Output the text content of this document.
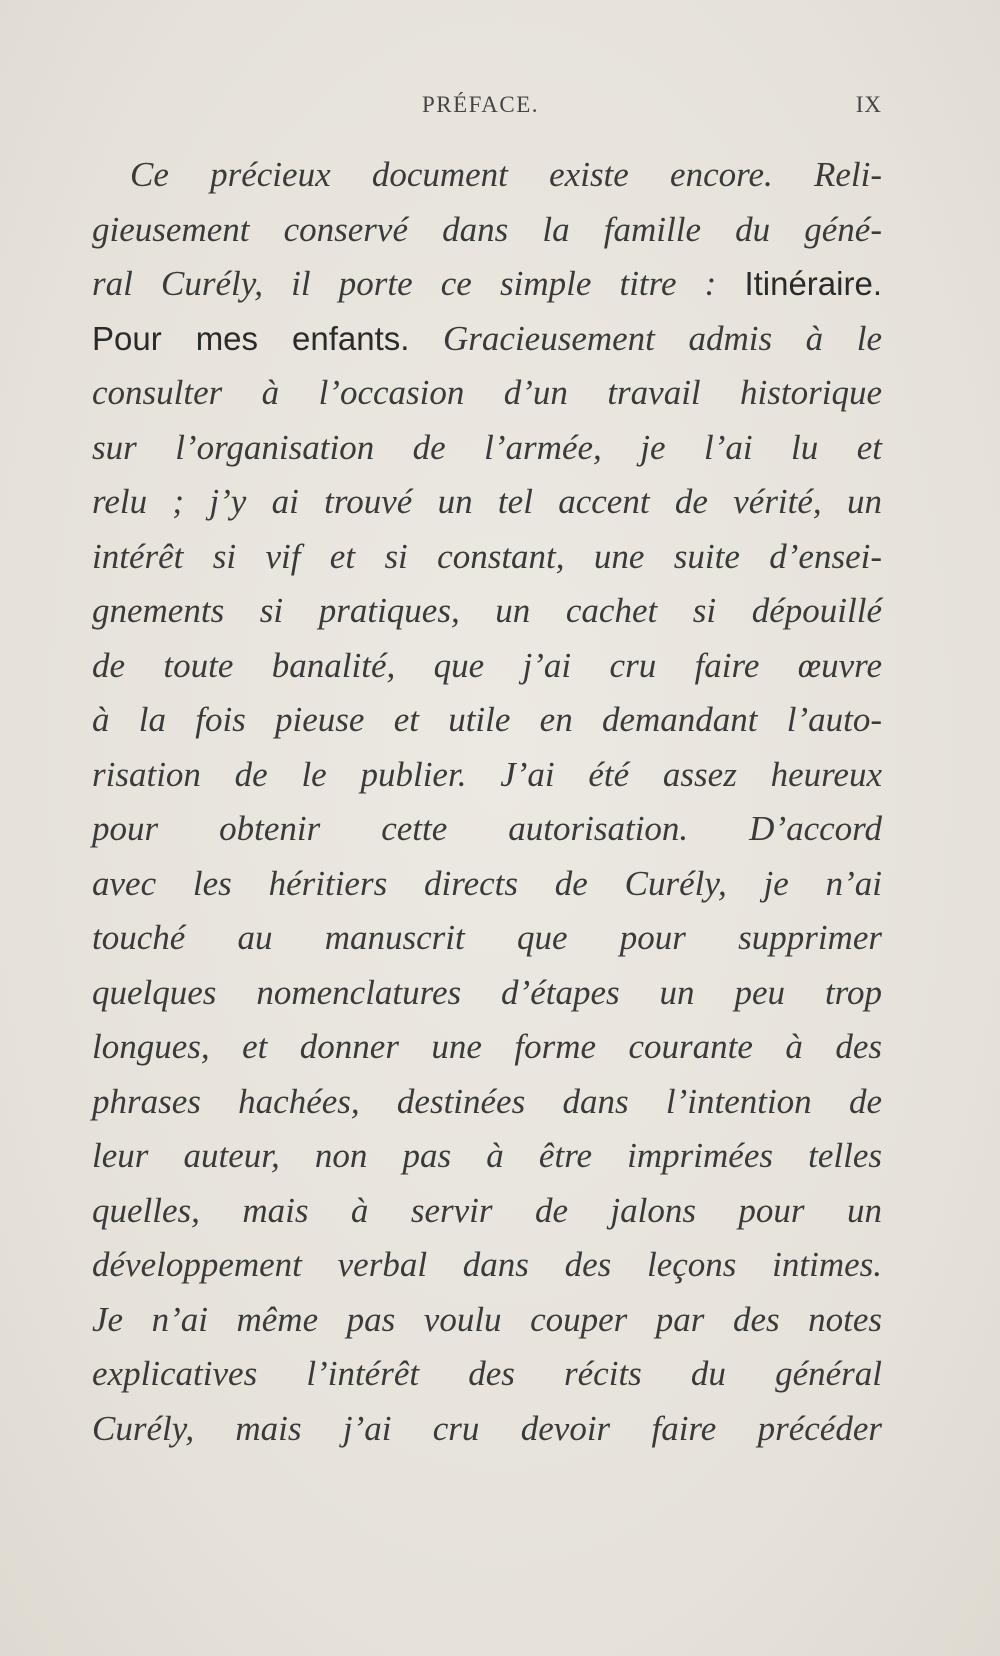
PRÉFACE.	IX
Ce précieux document existe encore. Reli-
gieusement conservé dans la famille du géné-
ral Curély, il porte ce simple titre : Itinéraire.
Pour mes enfants. Gracieusement admis à le
consulter à l’occasion d’un travail historique
sur l’organisation de l’armée, je l’ai lu et
relu ; j’y ai trouvé un tel accent de vérité, un
intérêt si vif et si constant, une suite d’ensei-
gnements si pratiques, un cachet si dépouillé
de toute banalité, que j’ai cru faire œuvre
à la fois pieuse et utile en demandant l’auto-
risation de le publier. J’ai été assez heureux
pour obtenir cette autorisation. D’accord
avec les héritiers directs de Curély, je n’ai
touché au manuscrit que pour supprimer
quelques nomenclatures d’étapes un peu trop
longues, et donner une forme courante à des
phrases hachées, destinées dans l’intention de
leur auteur, non pas à être imprimées telles
quelles, mais à servir de jalons pour un
développement verbal dans des leçons intimes.
Je n’ai même pas voulu couper par des notes
explicatives l’intérêt des récits du général
Curély, mais j’ai cru devoir faire précéder
